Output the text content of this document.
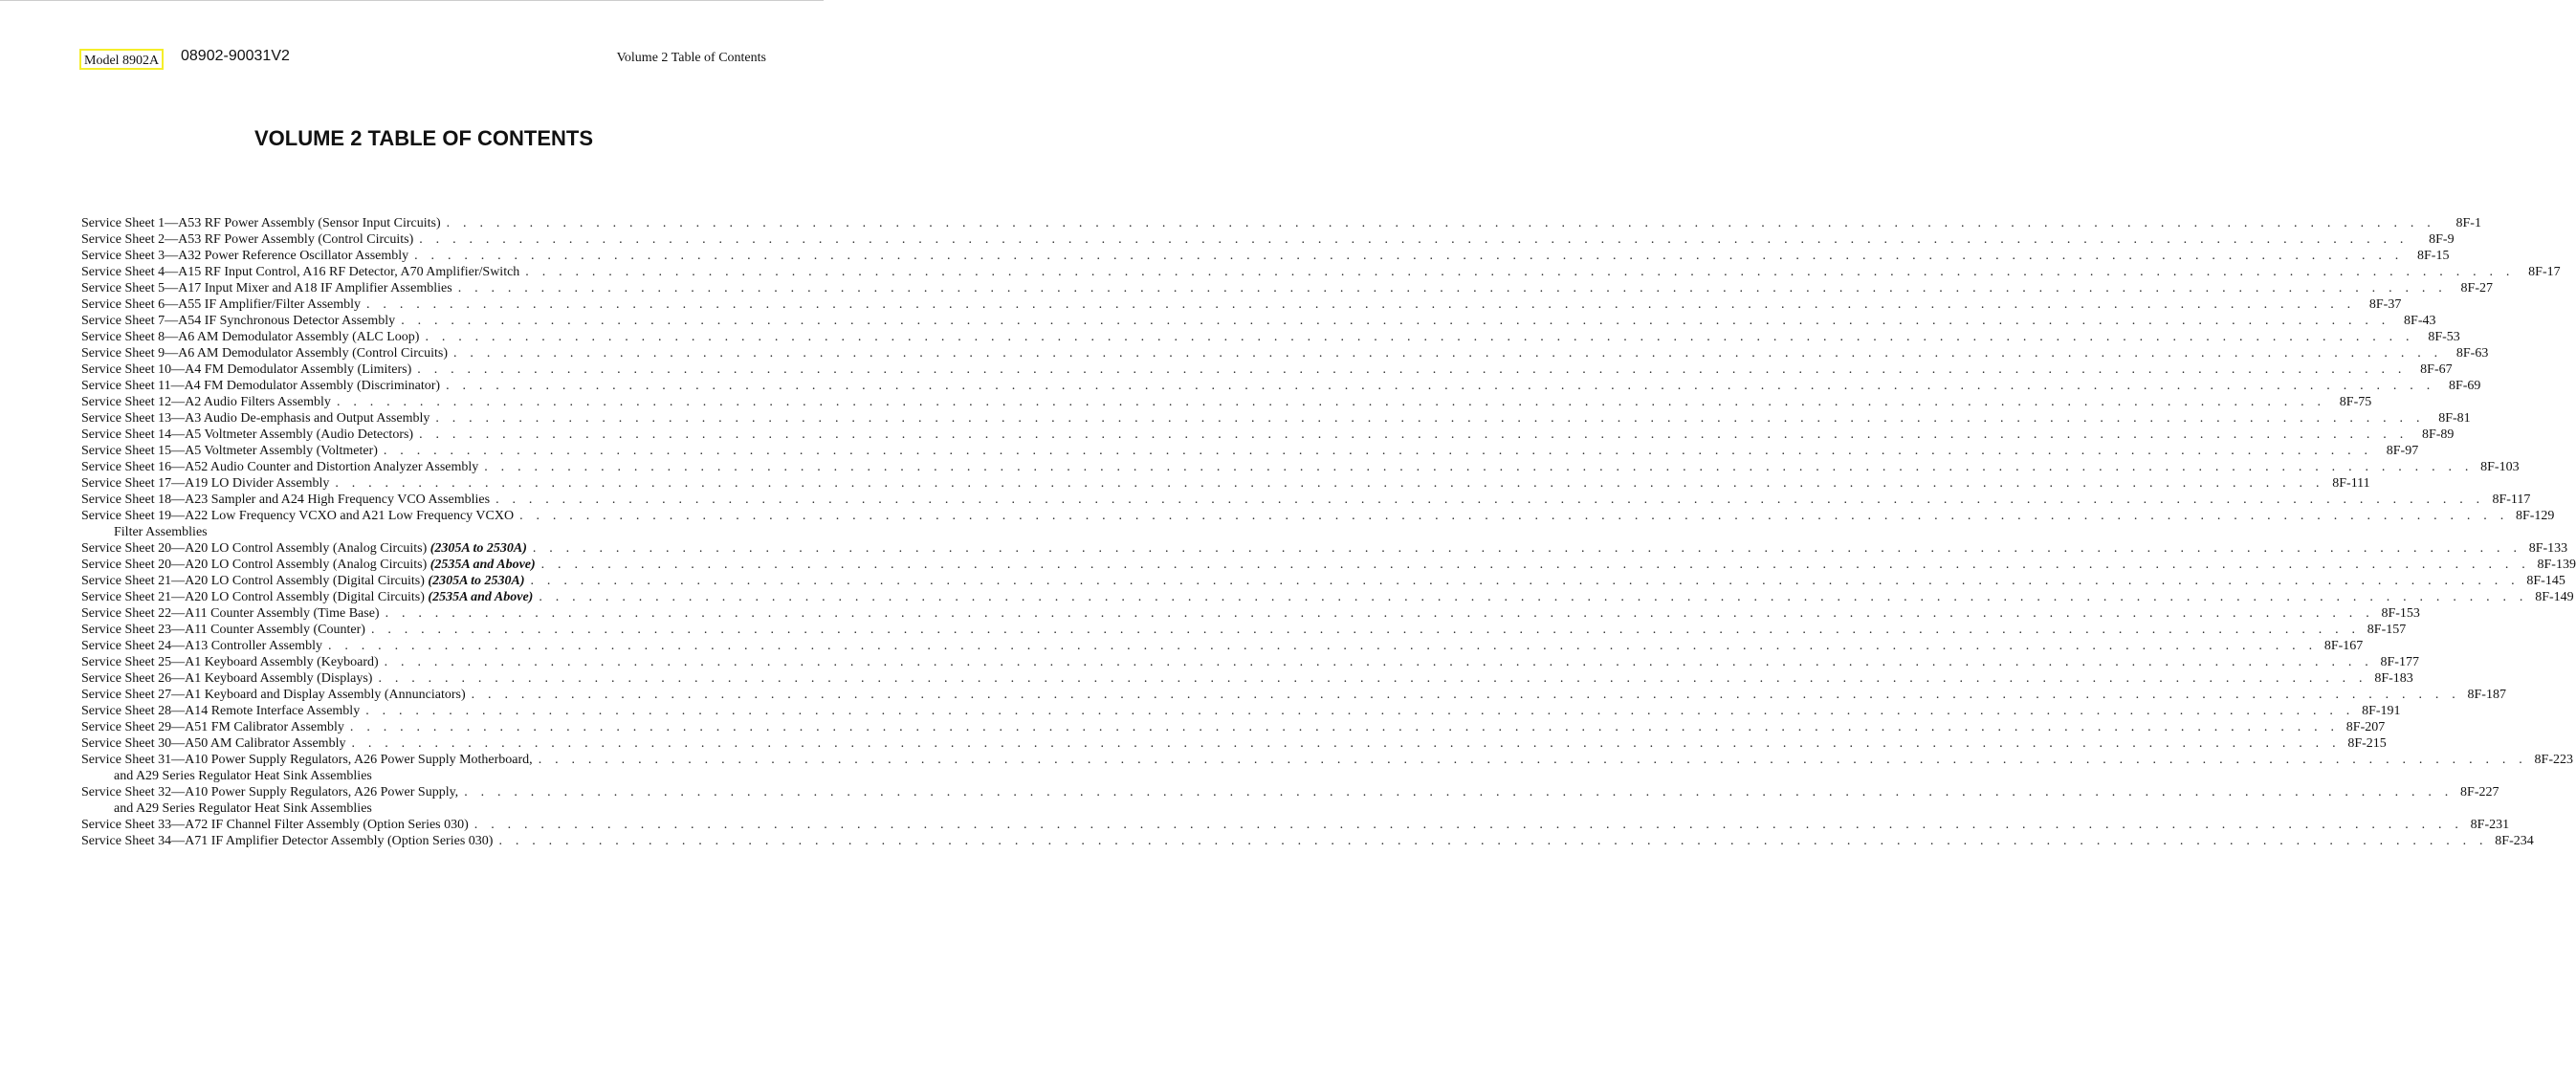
Model 8902A	08902-90031V2	Volume 2 Table of Contents
VOLUME 2 TABLE OF CONTENTS
Service Sheet 1—A53 RF Power Assembly (Sensor Input Circuits) . . . . . . . . . . . . . . . . . . . . . . . . . . . . . . . . . . . . . . . . . . . . . . . . . . . . . . . . . . . . . . . . . . . . . . . . . . . . . . . . . . . . . . . . . . . . . . . . . . . . . . . . . . . . . . . . . . . . . . . .	8F-1
Service Sheet 2—A53 RF Power Assembly (Control Circuits) . . . . . . . . . . . . . . . . . . . . . . . . . . . . . . . . . . . . . . . . . . . . . . . . . . . . . . . . . . . . . . . . . . . . . . . . . . . . . . . . . . . . . . . . . . . . . . . . . . . . . . . . . . . . . . . . . . . . . . . .	8F-9
Service Sheet 3—A32 Power Reference Oscillator Assembly . . . . . . . . . . . . . . . . . . . . . . . . . . . . . . . . . . . . . . . . . . . . . . . . . . . . . . . . . . . . . . . . . . . . . . . . . . . . . . . . . . . . . . . . . . . . . . . . . . . . . . . . . . . . . . . . . . . . . . . .	8F-15
Service Sheet 4—A15 RF Input Control, A16 RF Detector, A70 Amplifier/Switch . . . . . . . . . . . . . . . . . . . . . . . . . . . . . . . . . . . . . . . . . . . . . . . . . . . . . . . . . . . . . . . . . . . . . . . . . . . . . . . . . . . . . . . . . . . . . . . . . . . . . . . . . . . . . . . . . . . . . . . .	8F-17
Service Sheet 5—A17 Input Mixer and A18 IF Amplifier Assemblies . . . . . . . . . . . . . . . . . . . . . . . . . . . . . . . . . . . . . . . . . . . . . . . . . . . . . . . . . . . . . . . . . . . . . . . . . . . . . . . . . . . . . . . . . . . . . . . . . . . . . . . . . . . . . . . . . . . . . . . .	8F-27
Service Sheet 6—A55 IF Amplifier/Filter Assembly . . . . . . . . . . . . . . . . . . . . . . . . . . . . . . . . . . . . . . . . . . . . . . . . . . . . . . . . . . . . . . . . . . . . . . . . . . . . . . . . . . . . . . . . . . . . . . . . . . . . . . . . . . . . . . . . . . . . . . . .	8F-37
Service Sheet 7—A54 IF Synchronous Detector Assembly . . . . . . . . . . . . . . . . . . . . . . . . . . . . . . . . . . . . . . . . . . . . . . . . . . . . . . . . . . . . . . . . . . . . . . . . . . . . . . . . . . . . . . . . . . . . . . . . . . . . . . . . . . . . . . . . . . . . . . . .	8F-43
Service Sheet 8—A6 AM Demodulator Assembly (ALC Loop) . . . . . . . . . . . . . . . . . . . . . . . . . . . . . . . . . . . . . . . . . . . . . . . . . . . . . . . . . . . . . . . . . . . . . . . . . . . . . . . . . . . . . . . . . . . . . . . . . . . . . . . . . . . . . . . . . . . . . . . .	8F-53
Service Sheet 9—A6 AM Demodulator Assembly (Control Circuits) . . . . . . . . . . . . . . . . . . . . . . . . . . . . . . . . . . . . . . . . . . . . . . . . . . . . . . . . . . . . . . . . . . . . . . . . . . . . . . . . . . . . . . . . . . . . . . . . . . . . . . . . . . . . . . . . . . . . . . . .	8F-63
Service Sheet 10—A4 FM Demodulator Assembly (Limiters) . . . . . . . . . . . . . . . . . . . . . . . . . . . . . . . . . . . . . . . . . . . . . . . . . . . . . . . . . . . . . . . . . . . . . . . . . . . . . . . . . . . . . . . . . . . . . . . . . . . . . . . . . . . . . . . . . . . . . . . .	8F-67
Service Sheet 11—A4 FM Demodulator Assembly (Discriminator) . . . . . . . . . . . . . . . . . . . . . . . . . . . . . . . . . . . . . . . . . . . . . . . . . . . . . . . . . . . . . . . . . . . . . . . . . . . . . . . . . . . . . . . . . . . . . . . . . . . . . . . . . . . . . . . . . . . . . . . .	8F-69
Service Sheet 12—A2 Audio Filters Assembly . . . . . . . . . . . . . . . . . . . . . . . . . . . . . . . . . . . . . . . . . . . . . . . . . . . . . . . . . . . . . . . . . . . . . . . . . . . . . . . . . . . . . . . . . . . . . . . . . . . . . . . . . . . . . . . . . . . . . . . .	8F-75
Service Sheet 13—A3 Audio De-emphasis and Output Assembly . . . . . . . . . . . . . . . . . . . . . . . . . . . . . . . . . . . . . . . . . . . . . . . . . . . . . . . . . . . . . . . . . . . . . . . . . . . . . . . . . . . . . . . . . . . . . . . . . . . . . . . . . . . . . . . . . . . . . . . .	8F-81
Service Sheet 14—A5 Voltmeter Assembly (Audio Detectors) . . . . . . . . . . . . . . . . . . . . . . . . . . . . . . . . . . . . . . . . . . . . . . . . . . . . . . . . . . . . . . . . . . . . . . . . . . . . . . . . . . . . . . . . . . . . . . . . . . . . . . . . . . . . . . . . . . . . . . . .	8F-89
Service Sheet 15—A5 Voltmeter Assembly (Voltmeter) . . . . . . . . . . . . . . . . . . . . . . . . . . . . . . . . . . . . . . . . . . . . . . . . . . . . . . . . . . . . . . . . . . . . . . . . . . . . . . . . . . . . . . . . . . . . . . . . . . . . . . . . . . . . . . . . . . . . . . . .	8F-97
Service Sheet 16—A52 Audio Counter and Distortion Analyzer Assembly . . . . . . . . . . . . . . . . . . . . . . . . . . . . . . . . . . . . . . . . . . . . . . . . . . . . . . . . . . . . . . . . . . . . . . . . . . . . . . . . . . . . . . . . . . . . . . . . . . . . . . . . . . . . . . . . . . . . . . . . 8F-103
Service Sheet 17—A19 LO Divider Assembly . . . . . . . . . . . . . . . . . . . . . . . . . . . . . . . . . . . . . . . . . . . . . . . . . . . . . . . . . . . . . . . . . . . . . . . . . . . . . . . . . . . . . . . . . . . . . . . . . . . . . . . . . . . . . . . . . . . . . . . . 8F-111
Service Sheet 18—A23 Sampler and A24 High Frequency VCO Assemblies . . . . . . . . . . . . . . . . . . . . . . . . . . . . . . . . . . . . . . . . . . . . . . . . . . . . . . . . . . . . . . . . . . . . . . . . . . . . . . . . . . . . . . . . . . . . . . . . . . . . . . . . . . . . . . . . . . . . . . . . 8F-117
Service Sheet 19—A22 Low Frequency VCXO and A21 Low Frequency VCXO . . . . . . . . . . . . . . . . . . . . . . . . . . . . . . . . . . . . . . . . . . . . . . . . . . . . . . . . . . . . . . . . . . . . . . . . . . . . . . . . . . . . . . . . . . . . . . . . . . . . . . . . . . . . . . . . . . . . . . . . 8F-129
Filter Assemblies
Service Sheet 20—A20 LO Control Assembly (Analog Circuits) (2305A to 2530A) . . . . . . . . . . . . . . . . . . . . . . . . . . . . . . . . . . . . . . . . . . . . . . . . . . . . . . . . . . . . . . . . . . . . . . . . . . . . . . . . . . . . . . . . . . . . . . . . . . . . . . . . . . . . . . . . . . . . . . . . 8F-133
Service Sheet 20—A20 LO Control Assembly (Analog Circuits) (2535A and Above) . . . . . . . . . . . . . . . . . . . . . . . . . . . . . . . . . . . . . . . . . . . . . . . . . . . . . . . . . . . . . . . . . . . . . . . . . . . . . . . . . . . . . . . . . . . . . . . . . . . . . . . . . . . . . . . . . . . . . . . . 8F-139
Service Sheet 21—A20 LO Control Assembly (Digital Circuits) (2305A to 2530A) . . . . . . . . . . . . . . . . . . . . . . . . . . . . . . . . . . . . . . . . . . . . . . . . . . . . . . . . . . . . . . . . . . . . . . . . . . . . . . . . . . . . . . . . . . . . . . . . . . . . . . . . . . . . . . . . . . . . . . . . 8F-145
Service Sheet 21—A20 LO Control Assembly (Digital Circuits) (2535A and Above) . . . . . . . . . . . . . . . . . . . . . . . . . . . . . . . . . . . . . . . . . . . . . . . . . . . . . . . . . . . . . . . . . . . . . . . . . . . . . . . . . . . . . . . . . . . . . . . . . . . . . . . . . . . . . . . . . . . . . . . . 8F-149
Service Sheet 22—A11 Counter Assembly (Time Base) . . . . . . . . . . . . . . . . . . . . . . . . . . . . . . . . . . . . . . . . . . . . . . . . . . . . . . . . . . . . . . . . . . . . . . . . . . . . . . . . . . . . . . . . . . . . . . . . . . . . . . . . . . . . . . . . . . . . . . . . 8F-153
Service Sheet 23—A11 Counter Assembly (Counter) . . . . . . . . . . . . . . . . . . . . . . . . . . . . . . . . . . . . . . . . . . . . . . . . . . . . . . . . . . . . . . . . . . . . . . . . . . . . . . . . . . . . . . . . . . . . . . . . . . . . . . . . . . . . . . . . . . . . . . . . 8F-157
Service Sheet 24—A13 Controller Assembly . . . . . . . . . . . . . . . . . . . . . . . . . . . . . . . . . . . . . . . . . . . . . . . . . . . . . . . . . . . . . . . . . . . . . . . . . . . . . . . . . . . . . . . . . . . . . . . . . . . . . . . . . . . . . . . . . . . . . . . . 8F-167
Service Sheet 25—A1 Keyboard Assembly (Keyboard) . . . . . . . . . . . . . . . . . . . . . . . . . . . . . . . . . . . . . . . . . . . . . . . . . . . . . . . . . . . . . . . . . . . . . . . . . . . . . . . . . . . . . . . . . . . . . . . . . . . . . . . . . . . . . . . . . . . . . . . . 8F-177
Service Sheet 26—A1 Keyboard Assembly (Displays) . . . . . . . . . . . . . . . . . . . . . . . . . . . . . . . . . . . . . . . . . . . . . . . . . . . . . . . . . . . . . . . . . . . . . . . . . . . . . . . . . . . . . . . . . . . . . . . . . . . . . . . . . . . . . . . . . . . . . . . . 8F-183
Service Sheet 27—A1 Keyboard and Display Assembly (Annunciators) . . . . . . . . . . . . . . . . . . . . . . . . . . . . . . . . . . . . . . . . . . . . . . . . . . . . . . . . . . . . . . . . . . . . . . . . . . . . . . . . . . . . . . . . . . . . . . . . . . . . . . . . . . . . . . . . . . . . . . . . 8F-187
Service Sheet 28—A14 Remote Interface Assembly . . . . . . . . . . . . . . . . . . . . . . . . . . . . . . . . . . . . . . . . . . . . . . . . . . . . . . . . . . . . . . . . . . . . . . . . . . . . . . . . . . . . . . . . . . . . . . . . . . . . . . . . . . . . . . . . . . . . . . . . 8F-191
Service Sheet 29—A51 FM Calibrator Assembly . . . . . . . . . . . . . . . . . . . . . . . . . . . . . . . . . . . . . . . . . . . . . . . . . . . . . . . . . . . . . . . . . . . . . . . . . . . . . . . . . . . . . . . . . . . . . . . . . . . . . . . . . . . . . . . . . . . . . . . . 8F-207
Service Sheet 30—A50 AM Calibrator Assembly . . . . . . . . . . . . . . . . . . . . . . . . . . . . . . . . . . . . . . . . . . . . . . . . . . . . . . . . . . . . . . . . . . . . . . . . . . . . . . . . . . . . . . . . . . . . . . . . . . . . . . . . . . . . . . . . . . . . . . . . 8F-215
Service Sheet 31—A10 Power Supply Regulators, A26 Power Supply Motherboard, . . . . . . . . . . . . . . . . . . . . . . . . . . . . . . . . . . . . . . . . . . . . . . . . . . . . . . . . . . . . . . . . . . . . . . . . . . . . . . . . . . . . . . . . . . . . . . . . . . . . . . . . . . . . . . . . . . . . . . . . 8F-223
and A29 Series Regulator Heat Sink Assemblies
Service Sheet 32—A10 Power Supply Regulators, A26 Power Supply, . . . . . . . . . . . . . . . . . . . . . . . . . . . . . . . . . . . . . . . . . . . . . . . . . . . . . . . . . . . . . . . . . . . . . . . . . . . . . . . . . . . . . . . . . . . . . . . . . . . . . . . . . . . . . . . . . . . . . . . . 8F-227
and A29 Series Regulator Heat Sink Assemblies
Service Sheet 33—A72 IF Channel Filter Assembly (Option Series 030) . . . . . . . . . . . . . . . . . . . . . . . . . . . . . . . . . . . . . . . . . . . . . . . . . . . . . . . . . . . . . . . . . . . . . . . . . . . . . . . . . . . . . . . . . . . . . . . . . . . . . . . . . . . . . . . . . . . . . . . . 8F-231
Service Sheet 34—A71 IF Amplifier Detector Assembly (Option Series 030) . . . . . . . . . . . . . . . . . . . . . . . . . . . . . . . . . . . . . . . . . . . . . . . . . . . . . . . . . . . . . . . . . . . . . . . . . . . . . . . . . . . . . . . . . . . . . . . . . . . . . . . . . . . . . . . . . . . . . . . . 8F-234
